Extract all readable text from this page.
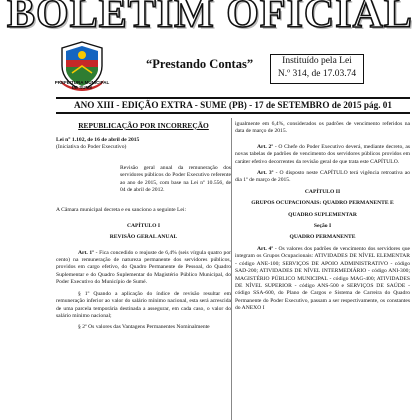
BOLETIM OFICIAL
PREFEITURA MUNICIPAL
DE SUMÉ
“Prestando Contas”	Instituído pela Lei
N.º 314, de 17.03.74
ANO XIII - EDIÇÃO EXTRA - SUME (PB) - 17 de SETEMBRO de 2015 pág. 01

REPUBLICAÇÃO POR INCORREÇÃO

Lei n° 1.102, de 16 de abril de 2015

(Iniciativa do Poder Executivo)

Revisão geral anual da remuneração dos servidores públicos do Poder Executivo referente ao ano de 2015, com base na Lei nº 10.556, de 04 de abril de 2012.

A Câmara municipal decreta e eu sanciono a seguinte Lei:

CAPÍTULO I

REVISÃO GERAL ANUAL

Art. 1º - Fica concedido o reajuste de 6,4% (seis vírgula quatro por cento) na remuneração de natureza permanente dos servidores públicos, providos em cargo efetivo, do Quadro Permanente de Pessoal, do Quadro Suplementar e do Quadro Suplementar do Magistério Público Municipal, do Poder Executivo do Município de Sumé.

§ 1º Quando a aplicação do índice de revisão resultar em remuneração inferior ao valor do salário mínimo nacional, esta será acrescida de uma parcela temporária destinada a assegurar, em cada caso, o valor do salário mínimo nacional;

§ 2º Os valores das Vantagens Permanentes Nominalmente

igualmente em 6,4%, considerados os padrões de vencimento referidos na data de março de 2015.

Art. 2º - O Chefe do Poder Executivo deverá, mediante decreto, as novas tabelas de padrões de vencimento dos servidores públicos providos em caráter efetivo decorrentes da revisão geral de que trata este CAPÍTULO.

Art. 3º - O disposto neste CAPÍTULO terá vigência retroativa ao dia 1º de março de 2015.

CAPÍTULO II

GRUPOS OCUPACIONAIS: QUADRO PERMANENTE E

QUADRO SUPLEMENTAR

Seção I

QUADRO PERMANENTE

Art. 4º - Os valores dos padrões de vencimento dos servidores que integram os Grupos Ocupacionais: ATIVIDADES DE NÍVEL ELEMENTAR - código ANE-100; SERVIÇOS DE APOIO ADMINISTRATIVO - código SAD-200; ATIVIDADES DE NÍVEL INTERMEDIÁRIO - código ANI-300; MAGISTÉRIO PÚBLICO MUNICIPAL - código MAG-400; ATIVIDADES DE NÍVEL SUPERIOR - código ANS-500 e SERVIÇOS DE SAÚDE - código SSA-600, do Plano de Cargos e Sistema de Carreira do Quadro Permanente do Poder Executivo, passam a ser respectivamente, os constantes do ANEXO I
